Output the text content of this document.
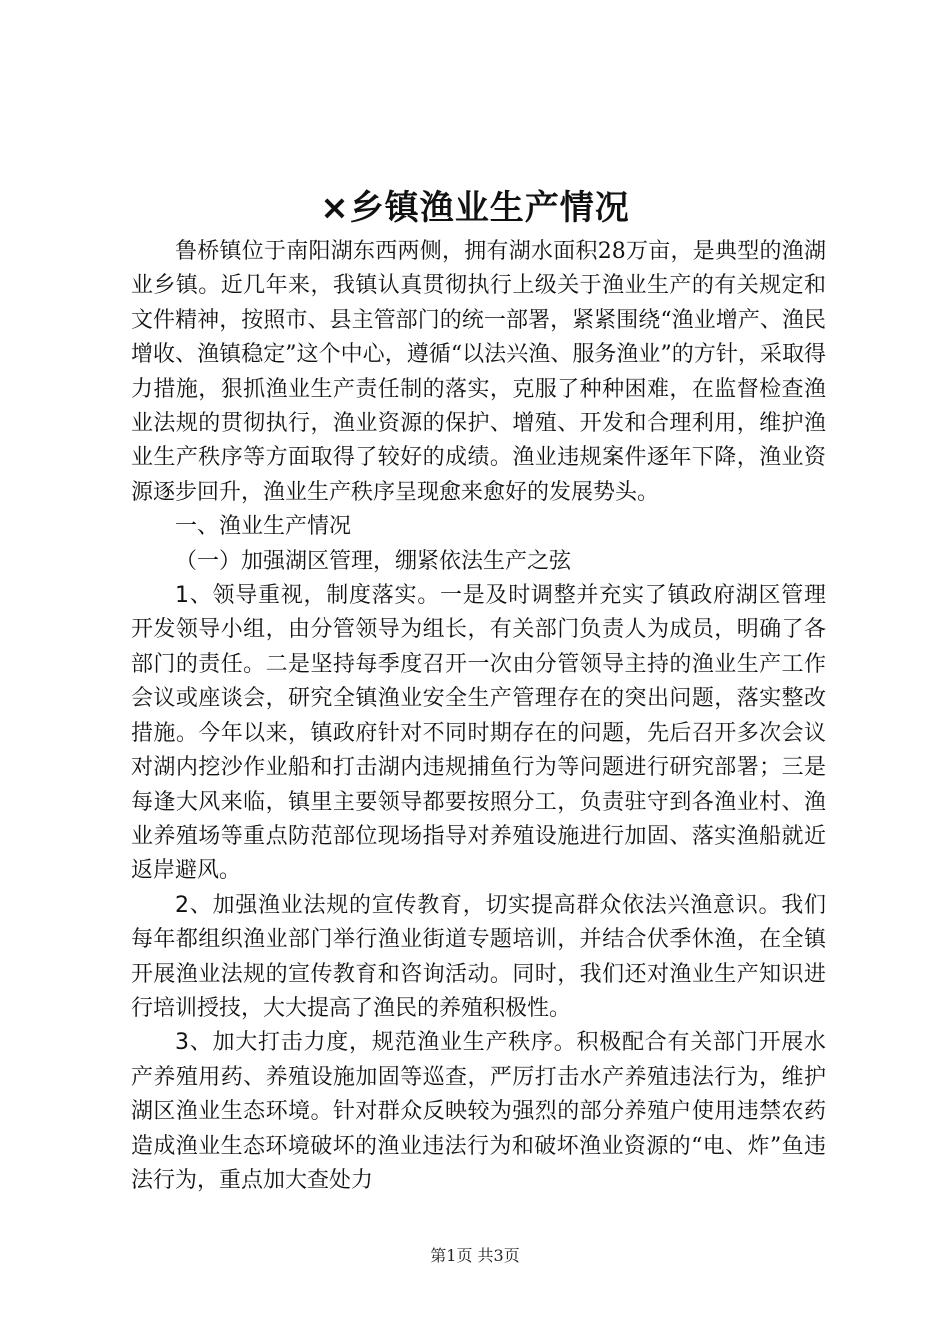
×乡镇渔业生产情况

鲁桥镇位于南阳湖东西两侧，拥有湖水面积28万亩，是典型的渔湖业乡镇。近几年来，我镇认真贯彻执行上级关于渔业生产的有关规定和文件精神，按照市、县主管部门的统一部署，紧紧围绕“渔业增产、渔民增收、渔镇稳定”这个中心，遵循“以法兴渔、服务渔业”的方针，采取得力措施，狠抓渔业生产责任制的落实，克服了种种困难，在监督检查渔业法规的贯彻执行，渔业资源的保护、增殖、开发和合理利用，维护渔业生产秩序等方面取得了较好的成绩。渔业违规案件逐年下降，渔业资源逐步回升，渔业生产秩序呈现愈来愈好的发展势头。

一、渔业生产情况

（一）加强湖区管理，绷紧依法生产之弦

1、领导重视，制度落实。一是及时调整并充实了镇政府湖区管理开发领导小组，由分管领导为组长，有关部门负责人为成员，明确了各部门的责任。二是坚持每季度召开一次由分管领导主持的渔业生产工作会议或座谈会，研究全镇渔业安全生产管理存在的突出问题，落实整改措施。今年以来，镇政府针对不同时期存在的问题，先后召开多次会议对湖内挖沙作业船和打击湖内违规捕鱼行为等问题进行研究部署；三是每逢大风来临，镇里主要领导都要按照分工，负责驻守到各渔业村、渔业养殖场等重点防范部位现场指导对养殖设施进行加固、落实渔船就近返岸避风。

2、加强渔业法规的宣传教育，切实提高群众依法兴渔意识。我们每年都组织渔业部门举行渔业街道专题培训，并结合伏季休渔，在全镇开展渔业法规的宣传教育和咨询活动。同时，我们还对渔业生产知识进行培训授技，大大提高了渔民的养殖积极性。

3、加大打击力度，规范渔业生产秩序。积极配合有关部门开展水产养殖用药、养殖设施加固等巡查，严厉打击水产养殖违法行为，维护湖区渔业生态环境。针对群众反映较为强烈的部分养殖户使用违禁农药造成渔业生态环境破坏的渔业违法行为和破坏渔业资源的“电、炸”鱼违法行为，重点加大查处力

第1页 共3页
